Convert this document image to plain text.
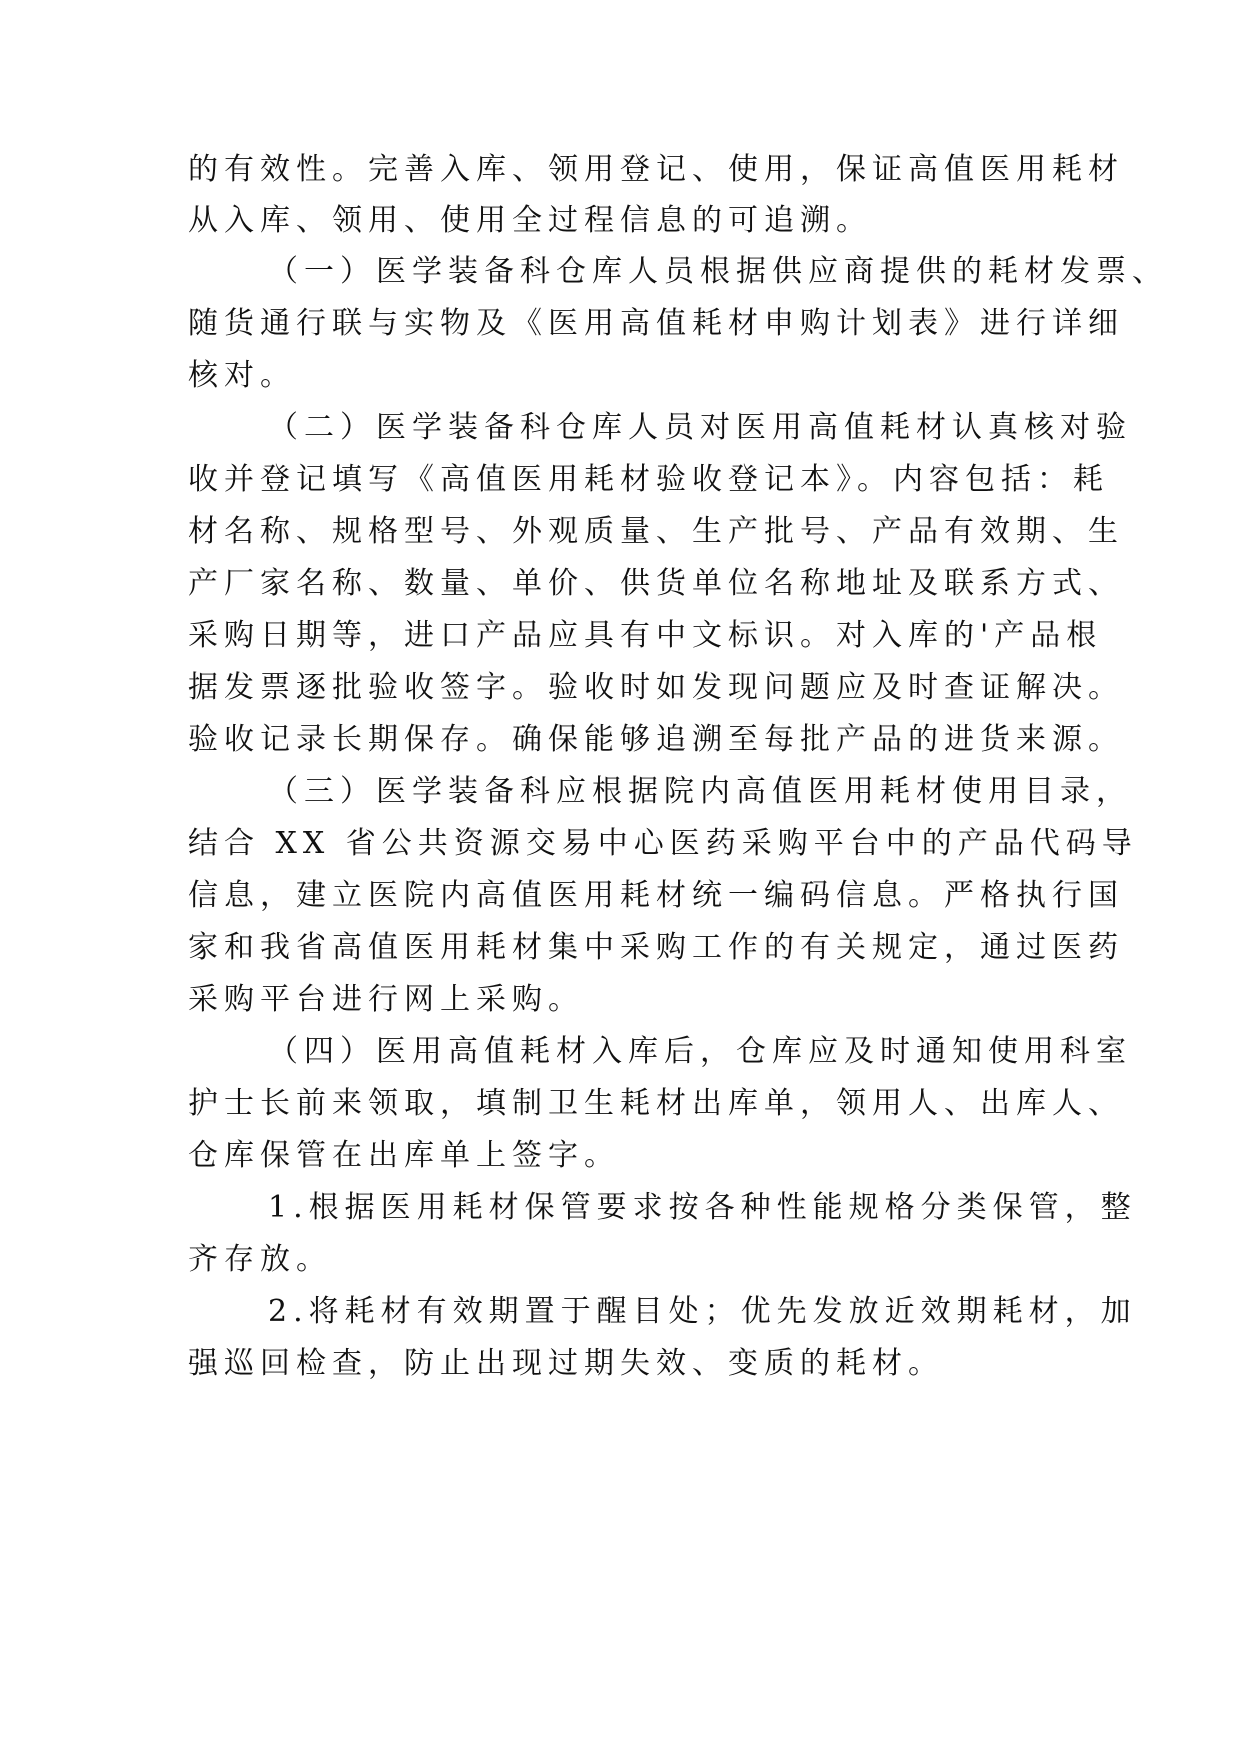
的有效性。完善入库、领用登记、使用，保证高值医用耗材
从入库、领用、使用全过程信息的可追溯。
（一）医学装备科仓库人员根据供应商提供的耗材发票、
随货通行联与实物及《医用高值耗材申购计划表》进行详细
核对。
（二）医学装备科仓库人员对医用高值耗材认真核对验
收并登记填写《高值医用耗材验收登记本》。内容包括：耗
材名称、规格型号、外观质量、生产批号、产品有效期、生
产厂家名称、数量、单价、供货单位名称地址及联系方式、
采购日期等，进口产品应具有中文标识。对入库的'产品根
据发票逐批验收签字。验收时如发现问题应及时查证解决。
验收记录长期保存。确保能够追溯至每批产品的进货来源。
（三）医学装备科应根据院内高值医用耗材使用目录，
结合 XX 省公共资源交易中心医药采购平台中的产品代码导
信息，建立医院内高值医用耗材统一编码信息。严格执行国
家和我省高值医用耗材集中采购工作的有关规定，通过医药
采购平台进行网上采购。
（四）医用高值耗材入库后，仓库应及时通知使用科室
护士长前来领取，填制卫生耗材出库单，领用人、出库人、
仓库保管在出库单上签字。
1.根据医用耗材保管要求按各种性能规格分类保管，整
齐存放。
2.将耗材有效期置于醒目处；优先发放近效期耗材，加
强巡回检查，防止出现过期失效、变质的耗材。
